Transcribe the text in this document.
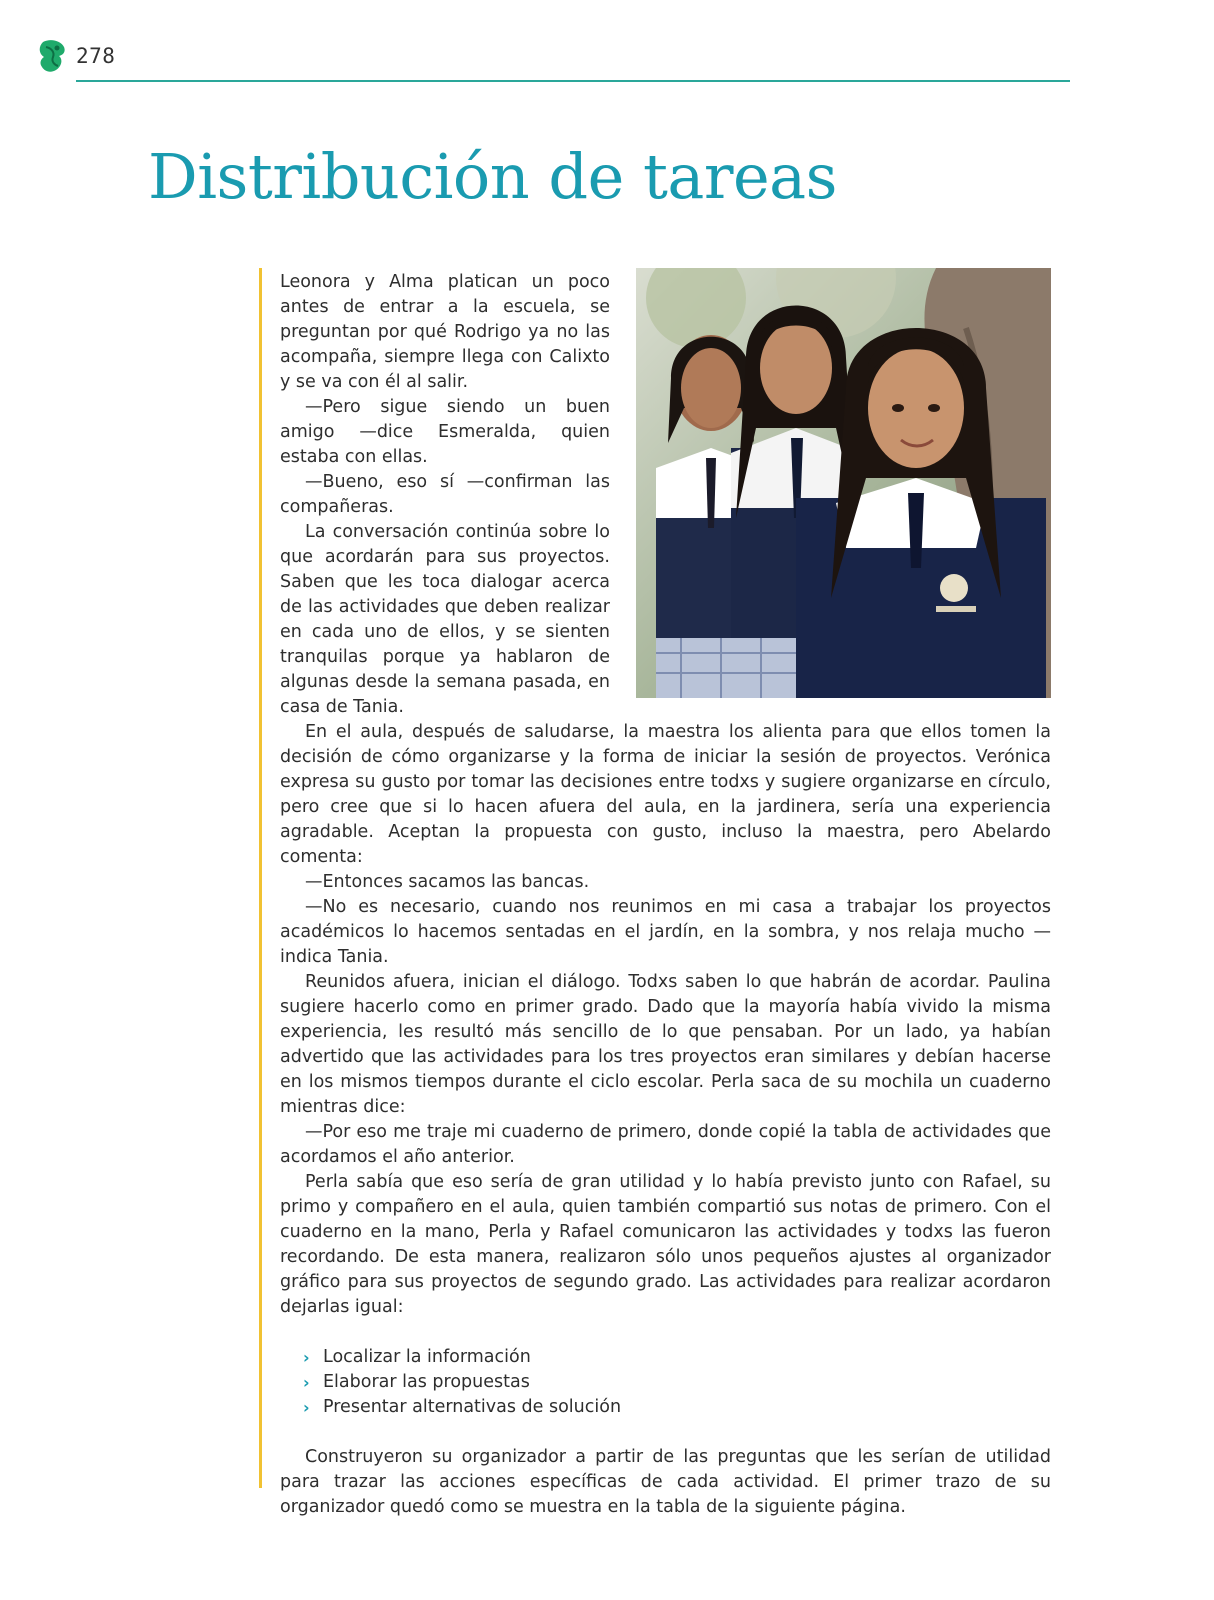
278
Distribución de tareas

Leonora y Alma platican un poco antes de entrar a la escuela, se preguntan por qué Rodrigo ya no las acompaña, siempre llega con Calixto y se va con él al salir.

—Pero sigue siendo un buen amigo —dice Esmeralda, quien estaba con ellas.

—Bueno, eso sí —confirman las compañeras.

La conversación continúa sobre lo que acordarán para sus proyectos. Saben que les toca dialogar acerca de las actividades que deben realizar en cada uno de ellos, y se sienten tranquilas porque ya hablaron de algunas desde la semana pasada, en casa de Tania.

En el aula, después de saludarse, la maestra los alienta para que ellos tomen la decisión de cómo organizarse y la forma de iniciar la sesión de proyectos. Verónica expresa su gusto por tomar las decisiones entre todxs y sugiere organizarse en círculo, pero cree que si lo hacen afuera del aula, en la jardinera, sería una experiencia agradable. Aceptan la propuesta con gusto, incluso la maestra, pero Abelardo comenta:

—Entonces sacamos las bancas.

—No es necesario, cuando nos reunimos en mi casa a trabajar los proyectos académicos lo hacemos sentadas en el jardín, en la sombra, y nos relaja mucho —indica Tania.

Reunidos afuera, inician el diálogo. Todxs saben lo que habrán de acordar. Paulina sugiere hacerlo como en primer grado. Dado que la mayoría había vivido la misma experiencia, les resultó más sencillo de lo que pensaban. Por un lado, ya habían advertido que las actividades para los tres proyectos eran similares y debían hacerse en los mismos tiempos durante el ciclo escolar. Perla saca de su mochila un cuaderno mientras dice:

—Por eso me traje mi cuaderno de primero, donde copié la tabla de actividades que acordamos el año anterior.

Perla sabía que eso sería de gran utilidad y lo había previsto junto con Rafael, su primo y compañero en el aula, quien también compartió sus notas de primero. Con el cuaderno en la mano, Perla y Rafael comunicaron las actividades y todxs las fueron recordando. De esta manera, realizaron sólo unos pequeños ajustes al organizador gráfico para sus proyectos de segundo grado. Las actividades para realizar acordaron dejarlas igual:

› Localizar la información
› Elaborar las propuestas
› Presentar alternativas de solución

Construyeron su organizador a partir de las preguntas que les serían de utilidad para trazar las acciones específicas de cada actividad. El primer trazo de su organizador quedó como se muestra en la tabla de la siguiente página.
